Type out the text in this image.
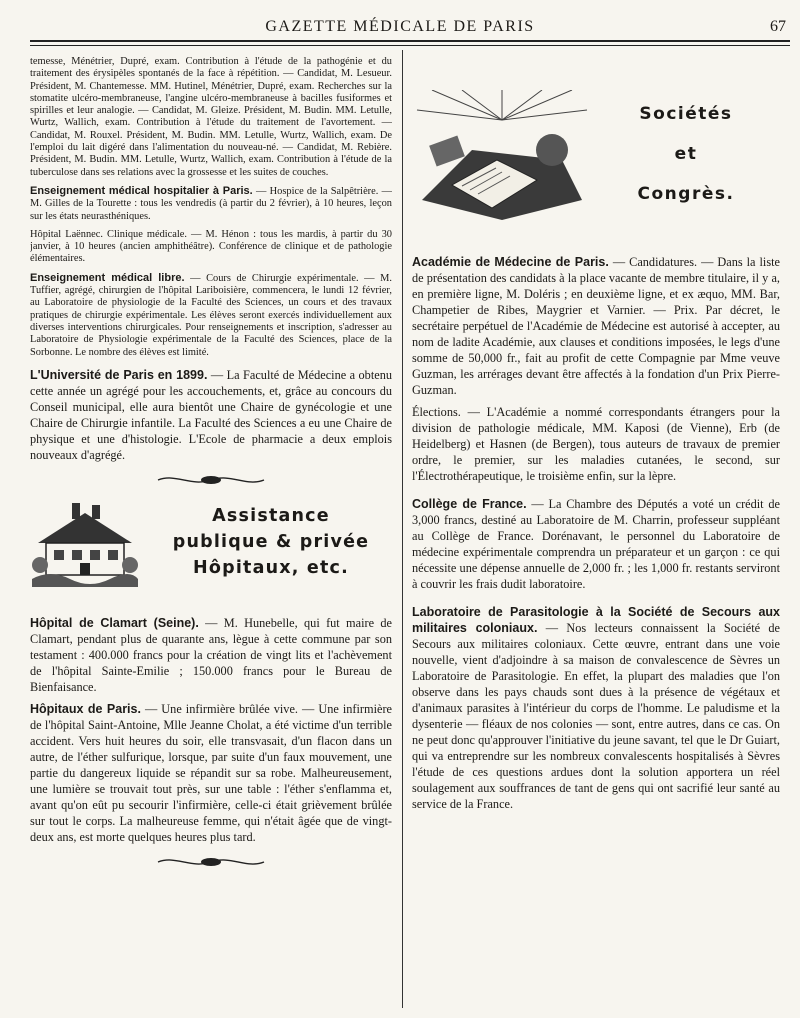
GAZETTE MÉDICALE DE PARIS	67

temesse, Ménétrier, Dupré, exam. Contribution à l'étude de la pathogénie et du traitement des érysipèles spontanés de la face à répétition. — Candidat, M. Lesueur. Président, M. Chantemesse. MM. Hutinel, Ménétrier, Dupré, exam. Recherches sur la stomatite ulcéro-membraneuse, l'angine ulcéro-membraneuse à bacilles fusiformes et spirilles et leur analogie. — Candidat, M. Gleize. Président, M. Budin. MM. Letulle, Wurtz, Wallich, exam. Contribution à l'étude du traitement de l'avortement. — Candidat, M. Rouxel. Président, M. Budin. MM. Letulle, Wurtz, Wallich, exam. De l'emploi du lait digéré dans l'alimentation du nouveau-né. — Candidat, M. Rebière. Président, M. Budin. MM. Letulle, Wurtz, Wallich, exam. Contribution à l'étude de la tuberculose dans ses relations avec la grossesse et les suites de couches.

Enseignement médical hospitalier à Paris. — Hospice de la Salpêtrière. — M. Gilles de la Tourette : tous les vendredis (à partir du 2 février), à 10 heures, leçon sur les états neurasthéniques.

Hôpital Laënnec. Clinique médicale. — M. Hénon : tous les mardis, à partir du 30 janvier, à 10 heures (ancien amphithéâtre). Conférence de clinique et de pathologie élémentaires.

Enseignement médical libre. — Cours de Chirurgie expérimentale. — M. Tuffier, agrégé, chirurgien de l'hôpital Lariboisière, commencera, le lundi 12 février, au Laboratoire de physiologie de la Faculté des Sciences, un cours et des travaux pratiques de chirurgie expérimentale. Les élèves seront exercés individuellement aux diverses interventions chirurgicales. Pour renseignements et inscription, s'adresser au Laboratoire de Physiologie expérimentale de la Faculté des Sciences, place de la Sorbonne. Le nombre des élèves est limité.

L'Université de Paris en 1899. — La Faculté de Médecine a obtenu cette année un agrégé pour les accouchements, et, grâce au concours du Conseil municipal, elle aura bientôt une Chaire de gynécologie et une Chaire de Chirurgie infantile. La Faculté des Sciences a eu une Chaire de physique et une d'histologie. L'Ecole de pharmacie a deux emplois nouveaux d'agrégé.

Assistance
publique & privée
Hôpitaux, etc.

Hôpital de Clamart (Seine). — M. Hunebelle, qui fut maire de Clamart, pendant plus de quarante ans, lègue à cette commune par son testament : 400.000 francs pour la création de vingt lits et l'achèvement de l'hôpital Sainte-Emilie ; 150.000 francs pour le Bureau de Bienfaisance.

Hôpitaux de Paris. — Une infirmière brûlée vive. — Une infirmière de l'hôpital Saint-Antoine, Mlle Jeanne Cholat, a été victime d'un terrible accident. Vers huit heures du soir, elle transvasait, d'un flacon dans un autre, de l'éther sulfurique, lorsque, par suite d'un faux mouvement, une partie du dangereux liquide se répandit sur sa robe. Malheureusement, une lumière se trouvait tout près, sur une table : l'éther s'enflamma et, avant qu'on eût pu secourir l'infirmière, celle-ci était grièvement brûlée sur tout le corps. La malheureuse femme, qui n'était âgée que de vingt-deux ans, est morte quelques heures plus tard.

Sociétés
et
Congrès.

Académie de Médecine de Paris. — Candidatures. — Dans la liste de présentation des candidats à la place vacante de membre titulaire, il y a, en première ligne, M. Doléris ; en deuxième ligne, et ex æquo, MM. Bar, Champetier de Ribes, Maygrier et Varnier. — Prix. Par décret, le secrétaire perpétuel de l'Académie de Médecine est autorisé à accepter, au nom de ladite Académie, aux clauses et conditions imposées, le legs d'une somme de 50,000 fr., fait au profit de cette Compagnie par Mme veuve Guzman, les arrérages devant être affectés à la fondation d'un Prix Pierre-Guzman.

Élections. — L'Académie a nommé correspondants étrangers pour la division de pathologie médicale, MM. Kaposi (de Vienne), Erb (de Heidelberg) et Hasnen (de Bergen), tous auteurs de travaux de premier ordre, le premier, sur les maladies cutanées, le second, sur l'Électrothérapeutique, le troisième enfin, sur la lèpre.

Collège de France. — La Chambre des Députés a voté un crédit de 3,000 francs, destiné au Laboratoire de M. Charrin, professeur suppléant au Collège de France. Dorénavant, le personnel du Laboratoire de médecine expérimentale comprendra un préparateur et un garçon : ce qui nécessite une dépense annuelle de 2,000 fr. ; les 1,000 fr. restants serviront à couvrir les frais dudit laboratoire.

Laboratoire de Parasitologie à la Société de Secours aux militaires coloniaux. — Nos lecteurs connaissent la Société de Secours aux militaires coloniaux. Cette œuvre, entrant dans une voie nouvelle, vient d'adjoindre à sa maison de convalescence de Sèvres un Laboratoire de Parasitologie. En effet, la plupart des maladies que l'on observe dans les pays chauds sont dues à la présence de végétaux et d'animaux parasites à l'intérieur du corps de l'homme. Le paludisme et la dysenterie — fléaux de nos colonies — sont, entre autres, dans ce cas. On ne peut donc qu'approuver l'initiative du jeune savant, tel que le Dr Guiart, qui va entreprendre sur les nombreux convalescents hospitalisés à Sèvres l'étude de ces questions ardues dont la solution apportera un réel soulagement aux souffrances de tant de gens qui ont sacrifié leur santé au service de la France.
